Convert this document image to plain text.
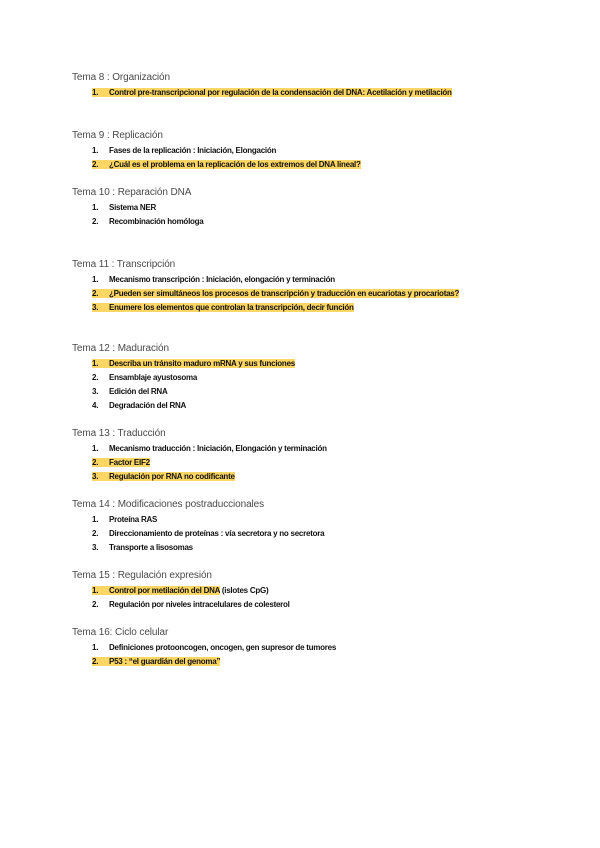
Tema 8 : Organización
1. Control pre-transcripcional por regulación de la condensación del DNA: Acetilación y metilación
Tema 9 : Replicación
1. Fases de la replicación : Iniciación, Elongación
2. ¿Cuál es el problema en la replicación de los extremos del DNA lineal?
Tema 10 : Reparación DNA
1. Sistema NER
2. Recombinación homóloga
Tema 11 : Transcripción
1. Mecanismo transcripción : Iniciación, elongación y terminación
2. ¿Pueden ser simultáneos los procesos de transcripción y traducción en eucariotas y procariotas?
3. Enumere los elementos que controlan la transcripción, decir función
Tema 12 : Maduración
1. Describa un tránsito maduro mRNA y sus funciones
2. Ensamblaje ayustosoma
3. Edición del RNA
4. Degradación del RNA
Tema 13 : Traducción
1. Mecanismo traducción : Iniciación, Elongación y terminación
2. Factor EIF2
3. Regulación por RNA no codificante
Tema 14 : Modificaciones postraduccionales
1. Proteína RAS
2. Direccionamiento de proteínas : vía secretora y no secretora
3. Transporte a lisosomas
Tema 15 : Regulación expresión
1. Control por metilación del DNA (islotes CpG)
2. Regulación por niveles intracelulares de colesterol
Tema 16: Ciclo celular
1. Definiciones protooncogen, oncogen, gen supresor de tumores
2. P53 : “el guardián del genoma”
